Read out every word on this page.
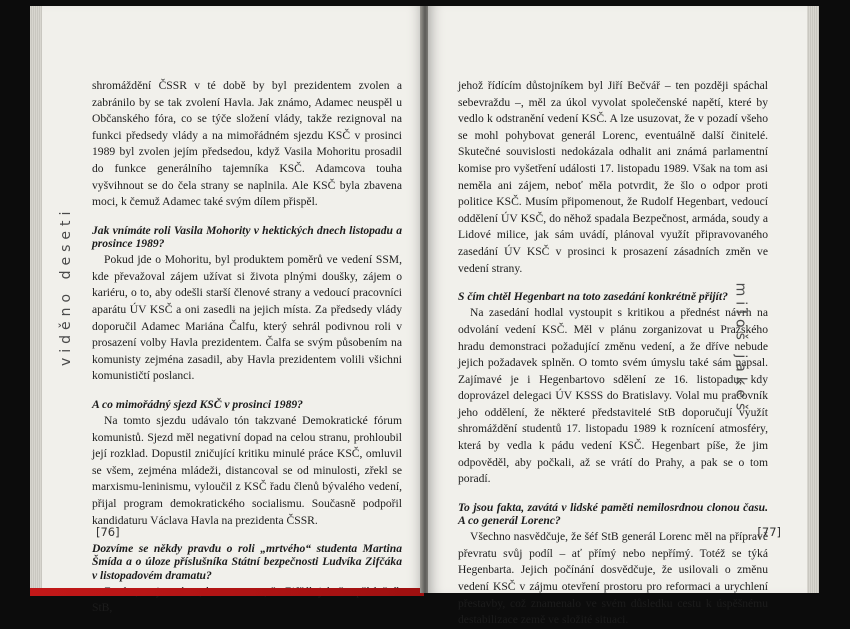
viděno deseti

shromáždění ČSSR v té době by byl prezidentem zvolen a zabránilo by se tak zvolení Havla. Jak známo, Adamec neuspěl u Občanského fóra, co se týče složení vlády, takže rezignoval na funkci předsedy vlády a na mimořádném sjezdu KSČ v prosinci 1989 byl zvolen jejím předsedou, když Vasila Mohoritu prosadil do funkce generálního tajemníka KSČ. Adamcova touha vyšvihnout se do čela strany se naplnila. Ale KSČ byla zbavena moci, k čemuž Adamec také svým dílem přispěl.

Jak vnímáte roli Vasila Mohority v hektických dnech listopadu a prosince 1989?

Pokud jde o Mohoritu, byl produktem poměrů ve vedení SSM, kde převažoval zájem užívat si života plnými doušky, zájem o kariéru, o to, aby odešli starší členové strany a vedoucí pracovníci aparátu ÚV KSČ a oni zasedli na jejich místa. Za předsedy vlády doporučil Adamec Mariána Čalfu, který sehrál podivnou roli v prosazení volby Havla prezidentem. Čalfa se svým působením na komunisty zejména zasadil, aby Havla prezidentem volili všichni komunističtí poslanci.

A co mimořádný sjezd KSČ v prosinci 1989?

Na tomto sjezdu udávalo tón takzvané Demokratické fórum komunistů. Sjezd měl negativní dopad na celou stranu, prohloubil její rozklad. Dopustil zničující kritiku minulé práce KSČ, omluvil se všem, zejména mládeži, distancoval se od minulosti, zřekl se marxismu-leninismu, vyloučil z KSČ řadu členů bývalého vedení, přijal program demokratického socialismu. Současně podpořil kandidaturu Václava Havla na prezidenta ČSSR.

Dozvíme se někdy pravdu o roli „mrtvého“ studenta Martina Šmída a o úloze příslušníka Státní bezpečnosti Ludvíka Zifčáka v listopadovém dramatu?

StB,

[76]

jehož řídícím důstojníkem byl Jiří Bečvář – ten později spáchal sebevraždu –, měl za úkol vyvolat společenské napětí, které by vedlo k odstranění vedení KSČ. A lze usuzovat, že v pozadí všeho se mohl pohybovat generál Lorenc, eventuálně další činitelé. Skutečné souvislosti nedokázala odhalit ani známá parlamentní komise pro vyšetření události 17. listopadu 1989. Však na tom asi neměla ani zájem, neboť měla potvrdit, že šlo o odpor proti politice KSČ. Musím připomenout, že Rudolf Hegenbart, vedoucí oddělení ÚV KSČ, do něhož spadala Bezpečnost, armáda, soudy a Lidové milice, jak sám uvádí, plánoval využít připravovaného zasedání ÚV KSČ v prosinci k prosazení zásadních změn ve vedení strany.

S čím chtěl Hegenbart na toto zasedání konkrétně přijít?

Na zasedání hodlal vystoupit s kritikou a přednést návrh na odvolání vedení KSČ. Měl v plánu zorganizovat u Pražského hradu demonstraci požadující změnu vedení, a že dříve nebude jejich požadavek splněn. O tomto svém úmyslu také sám napsal. Zajímavé je i Hegenbartovo sdělení ze 16. listopadu, kdy doprovázel delegaci ÚV KSSS do Bratislavy. Volal mu pracovník jeho oddělení, že některé představitelé StB doporučují využít shromáždění studentů 17. listopadu 1989 k roznícení atmosféry, která by vedla k pádu vedení KSČ. Hegenbart píše, že jim odpověděl, aby počkali, až se vrátí do Prahy, a pak se o tom poradí.

To jsou fakta, zavátá v lidské paměti nemilosrdnou clonou času. A co generál Lorenc?

Všechno nasvědčuje, že šéf StB generál Lorenc měl na přípravě převratu svůj podíl – ať přímý nebo nepřímý. Totéž se týká Hegenbarta. Jejich počínání dosvědčuje, že usilovali o změnu vedení KSČ v zájmu otevření prostoru pro reformaci a urychlení přestavby, což znamenalo ve svém důsledku cestu k úspěšnému destabilizace země ve složité situaci.

miloš jakeš
[77]
